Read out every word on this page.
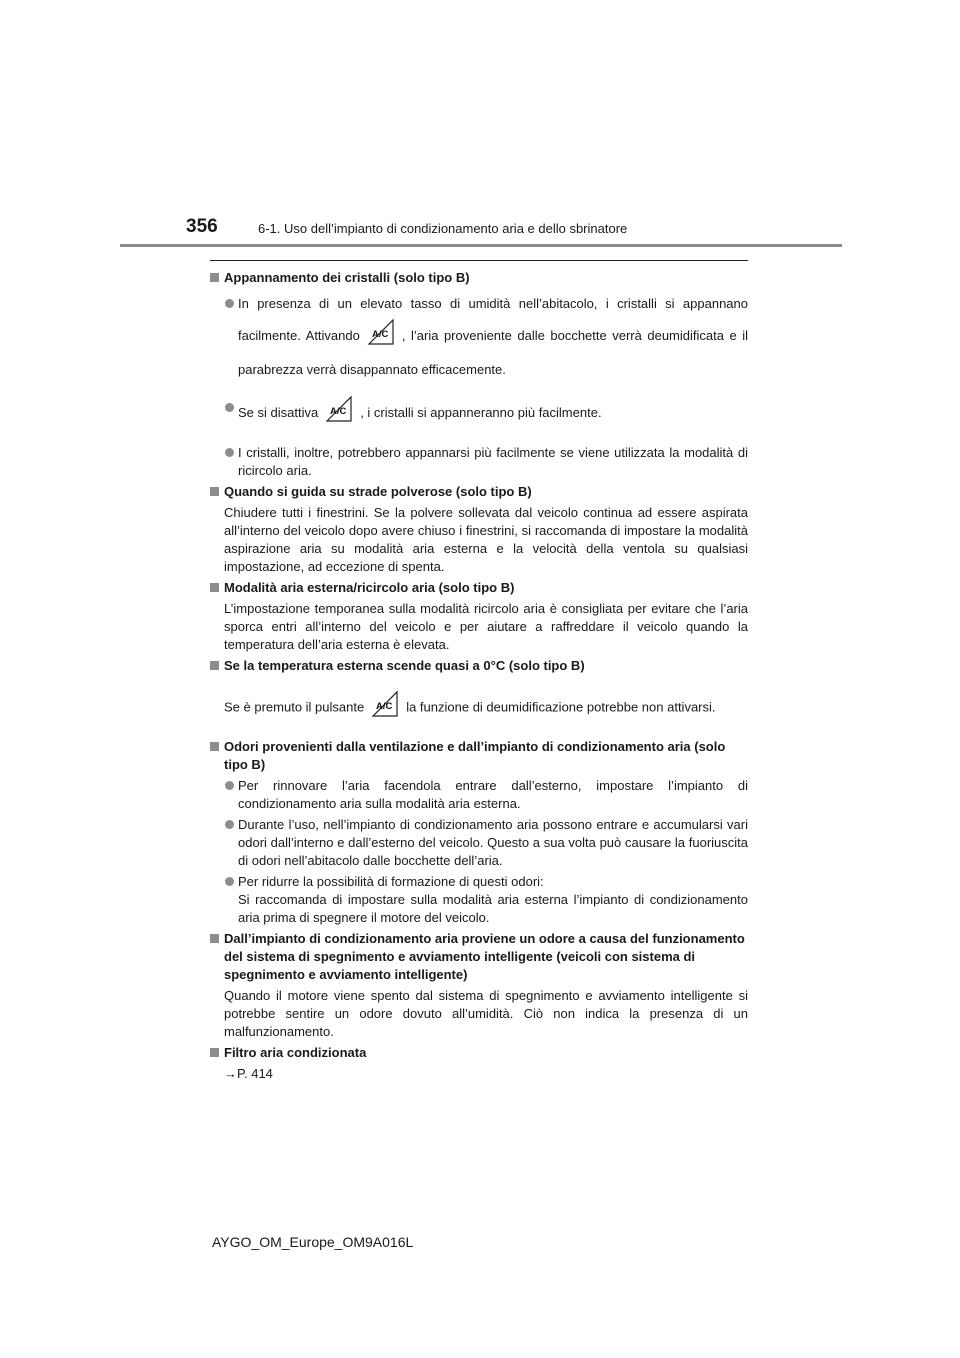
356	6-1. Uso dell’impianto di condizionamento aria e dello sbrinatore
Appannamento dei cristalli (solo tipo B)
In presenza di un elevato tasso di umidità nell’abitacolo, i cristalli si appannano facilmente. Attivando A/C , l’aria proveniente dalle bocchette verrà deumidificata e il parabrezza verrà disappannato efficacemente.
Se si disattiva A/C , i cristalli si appanneranno più facilmente.
I cristalli, inoltre, potrebbero appannarsi più facilmente se viene utilizzata la modalità di ricircolo aria.
Quando si guida su strade polverose (solo tipo B)
Chiudere tutti i finestrini. Se la polvere sollevata dal veicolo continua ad essere aspirata all’interno del veicolo dopo avere chiuso i finestrini, si raccomanda di impostare la modalità aspirazione aria su modalità aria esterna e la velocità della ventola su qualsiasi impostazione, ad eccezione di spenta.
Modalità aria esterna/ricircolo aria (solo tipo B)
L’impostazione temporanea sulla modalità ricircolo aria è consigliata per evitare che l’aria sporca entri all’interno del veicolo e per aiutare a raffreddare il veicolo quando la temperatura dell’aria esterna è elevata.
Se la temperatura esterna scende quasi a 0°C (solo tipo B)
Se è premuto il pulsante A/C la funzione di deumidificazione potrebbe non attivarsi.
Odori provenienti dalla ventilazione e dall’impianto di condizionamento aria (solo tipo B)
Per rinnovare l’aria facendola entrare dall’esterno, impostare l’impianto di condizionamento aria sulla modalità aria esterna.
Durante l’uso, nell’impianto di condizionamento aria possono entrare e accumularsi vari odori dall’interno e dall’esterno del veicolo. Questo a sua volta può causare la fuoriuscita di odori nell’abitacolo dalle bocchette dell’aria.
Per ridurre la possibilità di formazione di questi odori:
Si raccomanda di impostare sulla modalità aria esterna l’impianto di condizionamento aria prima di spegnere il motore del veicolo.
Dall’impianto di condizionamento aria proviene un odore a causa del funzionamento del sistema di spegnimento e avviamento intelligente (veicoli con sistema di spegnimento e avviamento intelligente)
Quando il motore viene spento dal sistema di spegnimento e avviamento intelligente si potrebbe sentire un odore dovuto all’umidità. Ciò non indica la presenza di un malfunzionamento.
Filtro aria condizionata
→P. 414
AYGO_OM_Europe_OM9A016L
